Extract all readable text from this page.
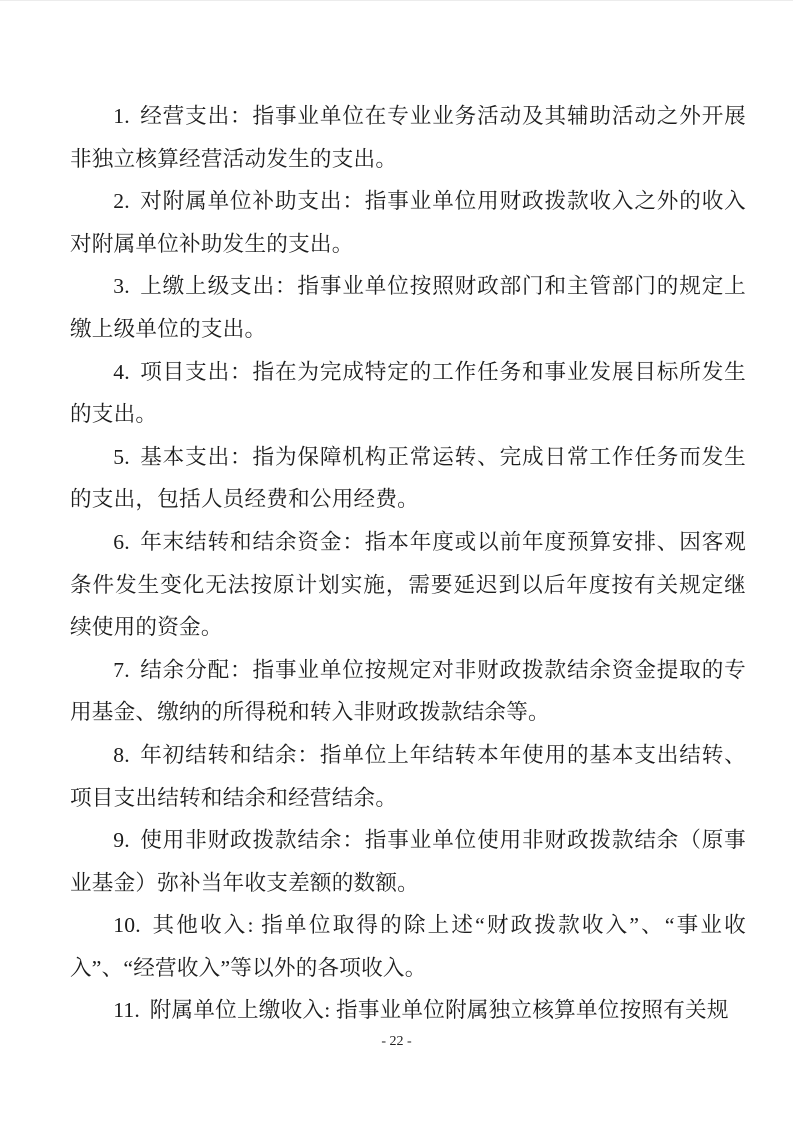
1. 经营支出：指事业单位在专业业务活动及其辅助活动之外开展非独立核算经营活动发生的支出。

2. 对附属单位补助支出：指事业单位用财政拨款收入之外的收入对附属单位补助发生的支出。

3. 上缴上级支出：指事业单位按照财政部门和主管部门的规定上缴上级单位的支出。

4. 项目支出：指在为完成特定的工作任务和事业发展目标所发生的支出。

5. 基本支出：指为保障机构正常运转、完成日常工作任务而发生的支出，包括人员经费和公用经费。

6. 年末结转和结余资金：指本年度或以前年度预算安排、因客观条件发生变化无法按原计划实施，需要延迟到以后年度按有关规定继续使用的资金。

7. 结余分配：指事业单位按规定对非财政拨款结余资金提取的专用基金、缴纳的所得税和转入非财政拨款结余等。

8. 年初结转和结余：指单位上年结转本年使用的基本支出结转、项目支出结转和结余和经营结余。

9. 使用非财政拨款结余：指事业单位使用非财政拨款结余（原事业基金）弥补当年收支差额的数额。

10. 其他收入: 指单位取得的除上述“财政拨款收入”、“事业收入”、“经营收入”等以外的各项收入。

11. 附属单位上缴收入: 指事业单位附属独立核算单位按照有关规

- 22 -
